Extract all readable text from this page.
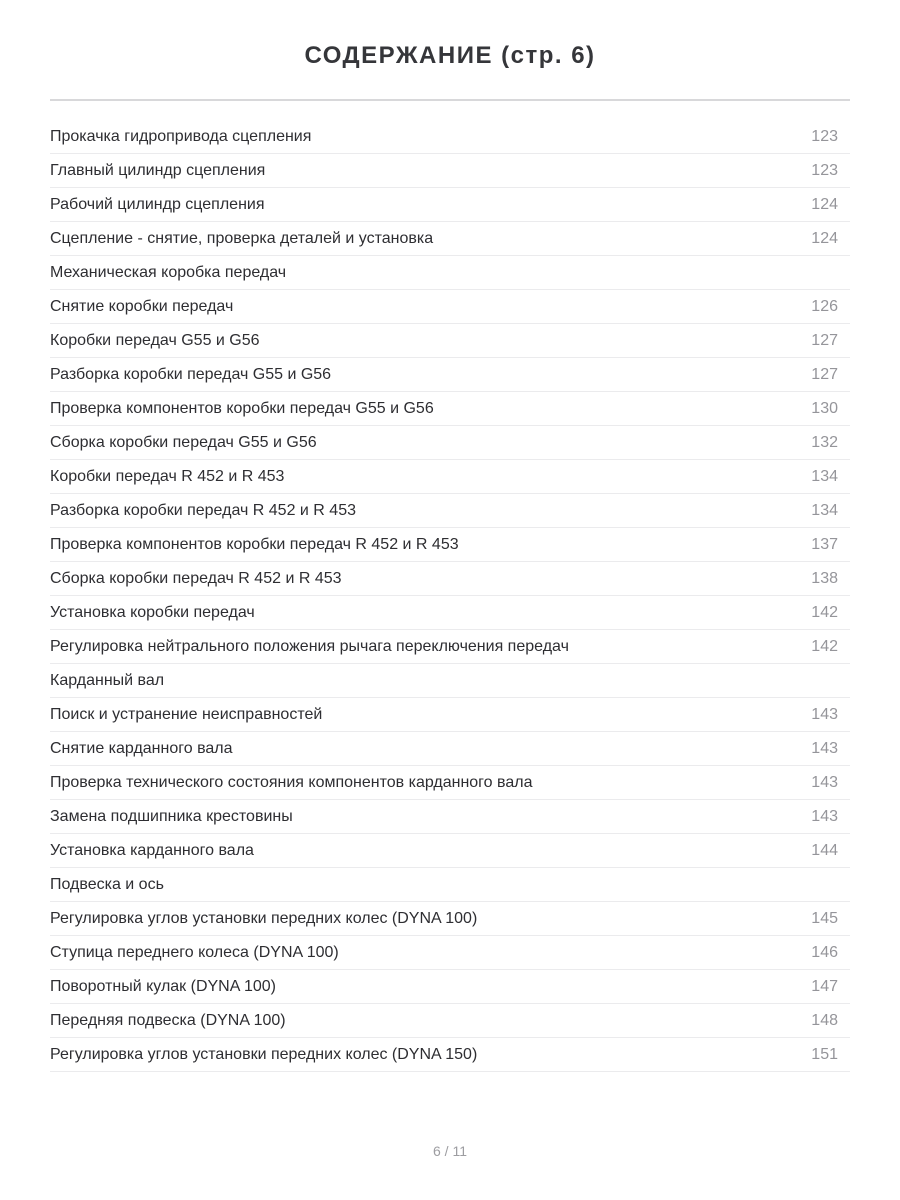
СОДЕРЖАНИЕ (стр. 6)
Прокачка гидропривода сцепления	123
Главный цилиндр сцепления	123
Рабочий цилиндр сцепления	124
Сцепление - снятие, проверка деталей и установка	124
Механическая коробка передач
Снятие коробки передач	126
Коробки передач G55 и G56	127
Разборка коробки передач G55 и G56	127
Проверка компонентов коробки передач G55 и G56	130
Сборка коробки передач G55 и G56	132
Коробки передач R 452 и R 453	134
Разборка коробки передач R 452 и R 453	134
Проверка компонентов коробки передач R 452 и R 453	137
Сборка коробки передач R 452 и R 453	138
Установка коробки передач	142
Регулировка нейтрального положения рычага переключения передач	142
Карданный вал
Поиск и устранение неисправностей	143
Снятие карданного вала	143
Проверка технического состояния компонентов карданного вала	143
Замена подшипника крестовины	143
Установка карданного вала	144
Подвеска и ось
Регулировка углов установки передних колес (DYNA 100)	145
Ступица переднего колеса (DYNA 100)	146
Поворотный кулак (DYNA 100)	147
Передняя подвеска (DYNA 100)	148
Регулировка углов установки передних колес (DYNA 150)	151
6 / 11
